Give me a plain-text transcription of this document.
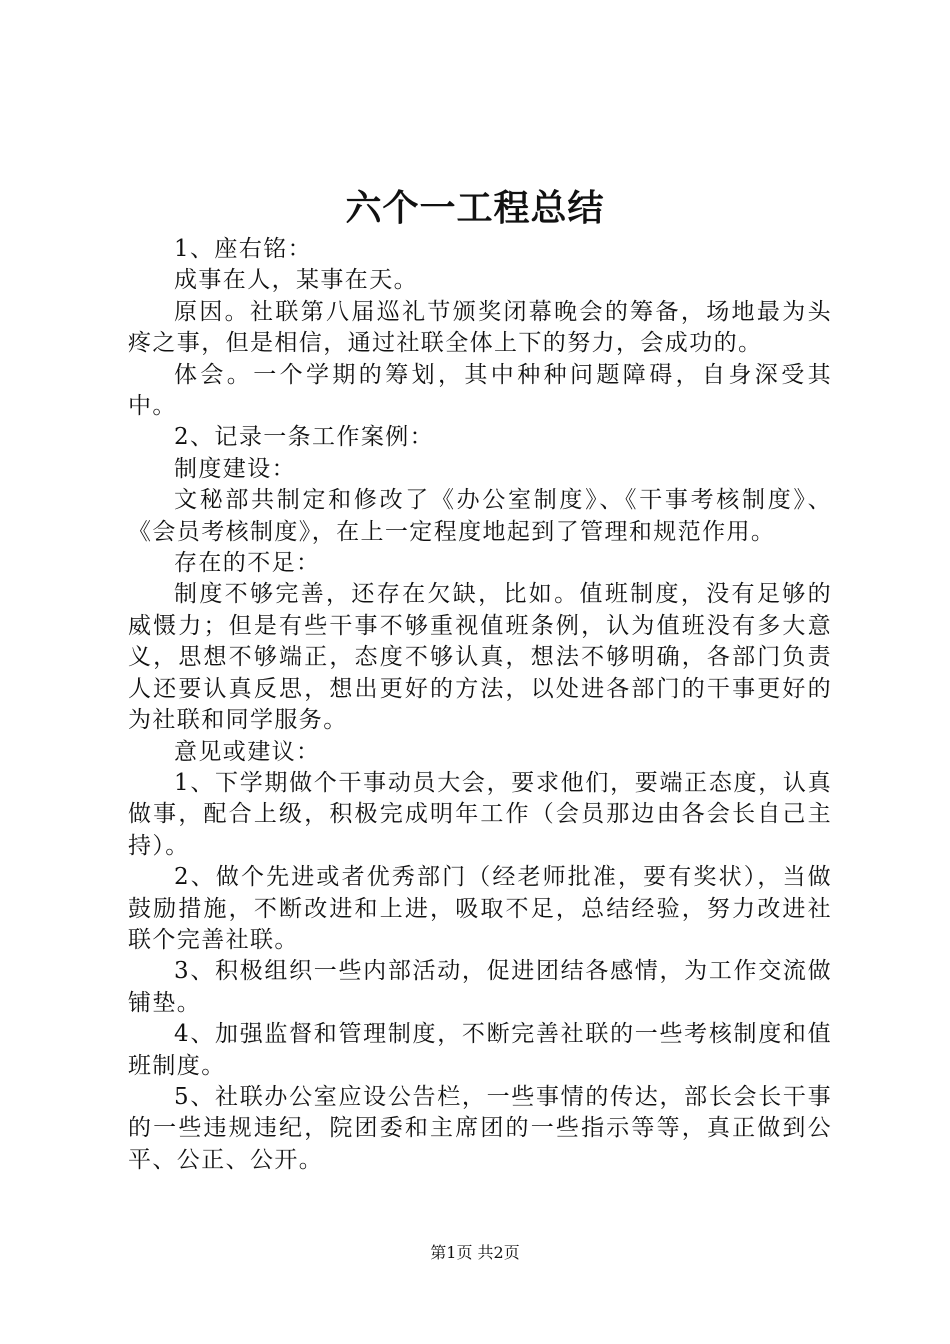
六个一工程总结

1、座右铭：

成事在人，某事在天。

原因。社联第八届巡礼节颁奖闭幕晚会的筹备，场地最为头疼之事，但是相信，通过社联全体上下的努力，会成功的。

体会。一个学期的筹划，其中种种问题障碍，自身深受其中。

2、记录一条工作案例：

制度建设：

文秘部共制定和修改了《办公室制度》、《干事考核制度》、《会员考核制度》，在上一定程度地起到了管理和规范作用。

存在的不足：

制度不够完善，还存在欠缺，比如。值班制度，没有足够的威慑力；但是有些干事不够重视值班条例，认为值班没有多大意义，思想不够端正，态度不够认真，想法不够明确，各部门负责人还要认真反思，想出更好的方法，以处进各部门的干事更好的为社联和同学服务。

意见或建议：

1、下学期做个干事动员大会，要求他们，要端正态度，认真做事，配合上级，积极完成明年工作（会员那边由各会长自己主持）。

2、做个先进或者优秀部门（经老师批准，要有奖状），当做鼓励措施，不断改进和上进，吸取不足，总结经验，努力改进社联个完善社联。

3、积极组织一些内部活动，促进团结各感情，为工作交流做铺垫。

4、加强监督和管理制度，不断完善社联的一些考核制度和值班制度。

5、社联办公室应设公告栏，一些事情的传达，部长会长干事的一些违规违纪，院团委和主席团的一些指示等等，真正做到公平、公正、公开。

第1页 共2页
